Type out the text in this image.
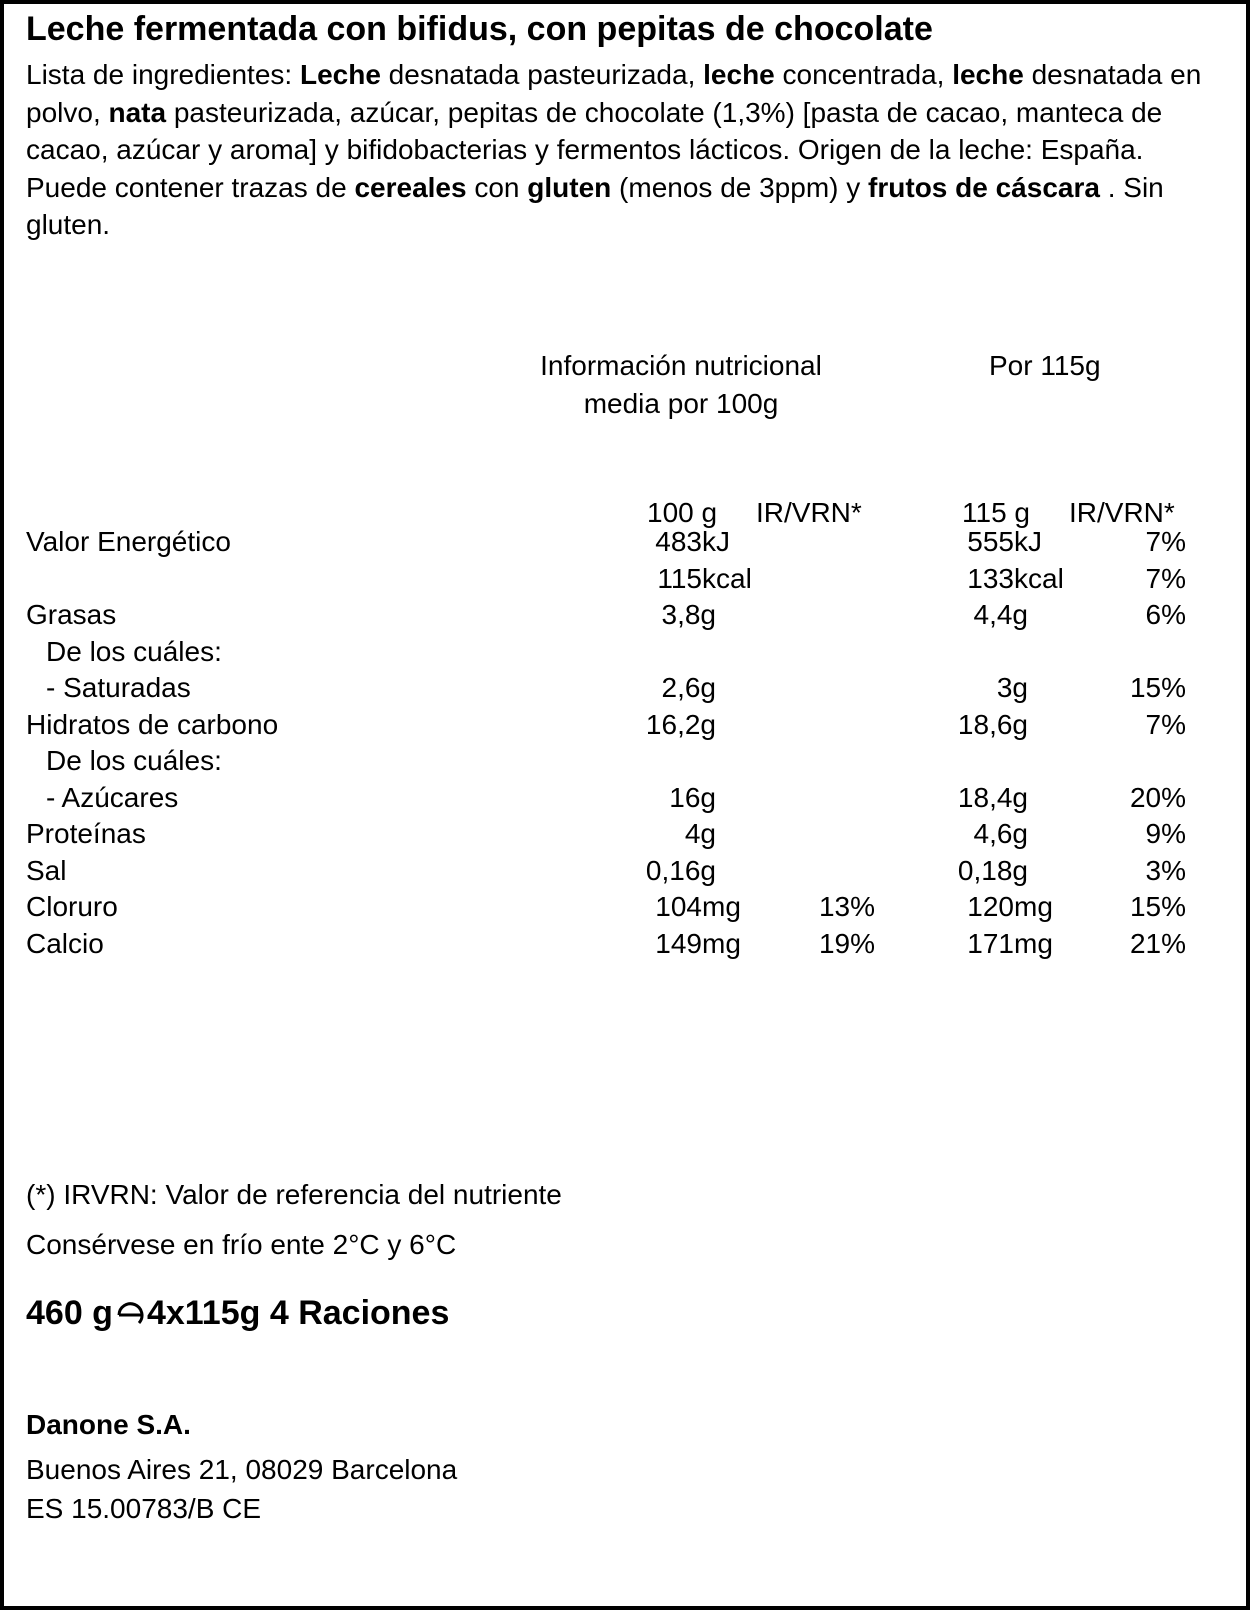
Leche fermentada con bifidus, con pepitas de chocolate
Lista de ingredientes: Leche desnatada pasteurizada, leche concentrada, leche desnatada en polvo, nata pasteurizada, azúcar, pepitas de chocolate (1,3%) [pasta de cacao, manteca de cacao, azúcar y aroma] y bifidobacterias y fermentos lácticos. Origen de la leche: España. Puede contener trazas de cereales con gluten (menos de 3ppm) y frutos de cáscara . Sin gluten.
Información nutricional
media por 100g
Por 115g
100 g IR/VRN*	115 g IR/VRN*
Valor Energético	483 kJ	555 kJ	7%
115 kcal	133 kcal	7%
Grasas	3,8g	4,4g	6%
De los cuáles:
- Saturadas	2,6g	3g	15%
Hidratos de carbono	16,2g	18,6g	7%
De los cuáles:
- Azúcares	16g	18,4g	20%
Proteínas	4g	4,6g	9%
Sal	0,16g	0,18g	3%
Cloruro	104 mg	13%	120 mg	15%
Calcio	149 mg	19%	171 mg	21%
(*) IRVRN: Valor de referencia del nutriente
Consérvese en frío ente 2°C y 6°C
460 g 4x115g 4 Raciones
Danone S.A.
Buenos Aires 21, 08029 Barcelona
ES 15.00783/B CE
